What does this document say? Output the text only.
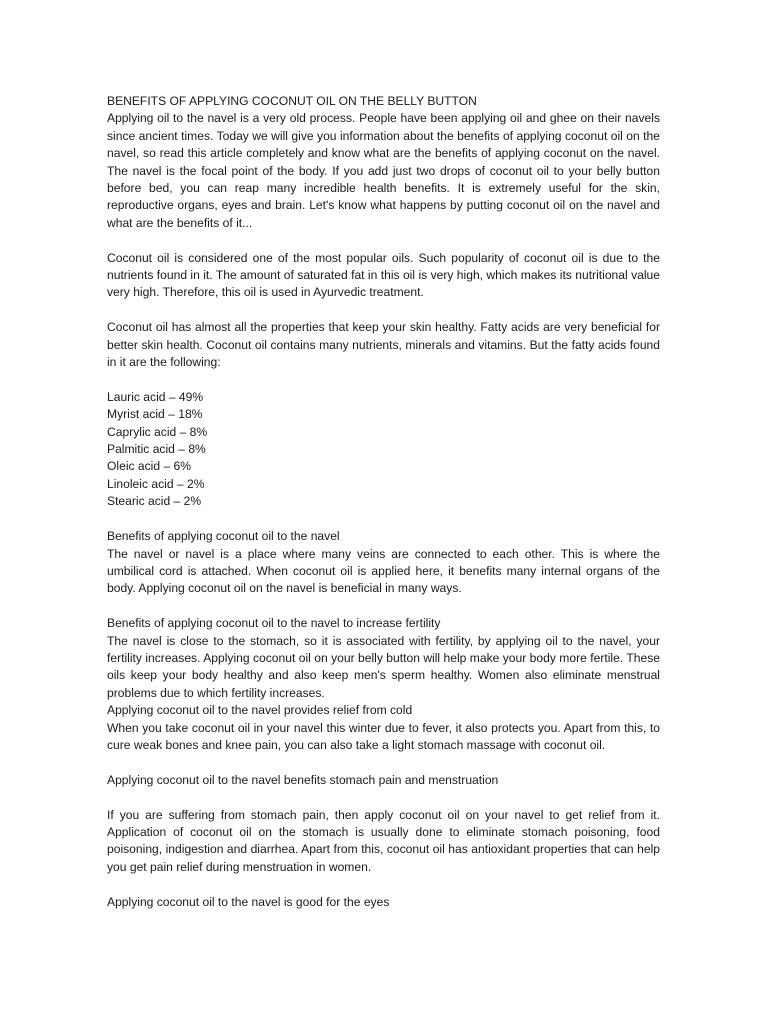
BENEFITS OF APPLYING COCONUT OIL ON THE BELLY BUTTON

Applying oil to the navel is a very old process. People have been applying oil and ghee on their navels since ancient times. Today we will give you information about the benefits of applying coconut oil on the navel, so read this article completely and know what are the benefits of applying coconut on the navel. The navel is the focal point of the body. If you add just two drops of coconut oil to your belly button before bed, you can reap many incredible health benefits. It is extremely useful for the skin, reproductive organs, eyes and brain. Let's know what happens by putting coconut oil on the navel and what are the benefits of it...

Coconut oil is considered one of the most popular oils. Such popularity of coconut oil is due to the nutrients found in it. The amount of saturated fat in this oil is very high, which makes its nutritional value very high. Therefore, this oil is used in Ayurvedic treatment.

Coconut oil has almost all the properties that keep your skin healthy. Fatty acids are very beneficial for better skin health. Coconut oil contains many nutrients, minerals and vitamins. But the fatty acids found in it are the following:

Lauric acid – 49%
Myrist acid – 18%
Caprylic acid – 8%
Palmitic acid – 8%
Oleic acid – 6%
Linoleic acid – 2%
Stearic acid – 2%

Benefits of applying coconut oil to the navel

The navel or navel is a place where many veins are connected to each other. This is where the umbilical cord is attached. When coconut oil is applied here, it benefits many internal organs of the body. Applying coconut oil on the navel is beneficial in many ways.

Benefits of applying coconut oil to the navel to increase fertility

The navel is close to the stomach, so it is associated with fertility, by applying oil to the navel, your fertility increases. Applying coconut oil on your belly button will help make your body more fertile. These oils keep your body healthy and also keep men's sperm healthy. Women also eliminate menstrual problems due to which fertility increases.

Applying coconut oil to the navel provides relief from cold

When you take coconut oil in your navel this winter due to fever, it also protects you. Apart from this, to cure weak bones and knee pain, you can also take a light stomach massage with coconut oil.

Applying coconut oil to the navel benefits stomach pain and menstruation

If you are suffering from stomach pain, then apply coconut oil on your navel to get relief from it. Application of coconut oil on the stomach is usually done to eliminate stomach poisoning, food poisoning, indigestion and diarrhea. Apart from this, coconut oil has antioxidant properties that can help you get pain relief during menstruation in women.

Applying coconut oil to the navel is good for the eyes
